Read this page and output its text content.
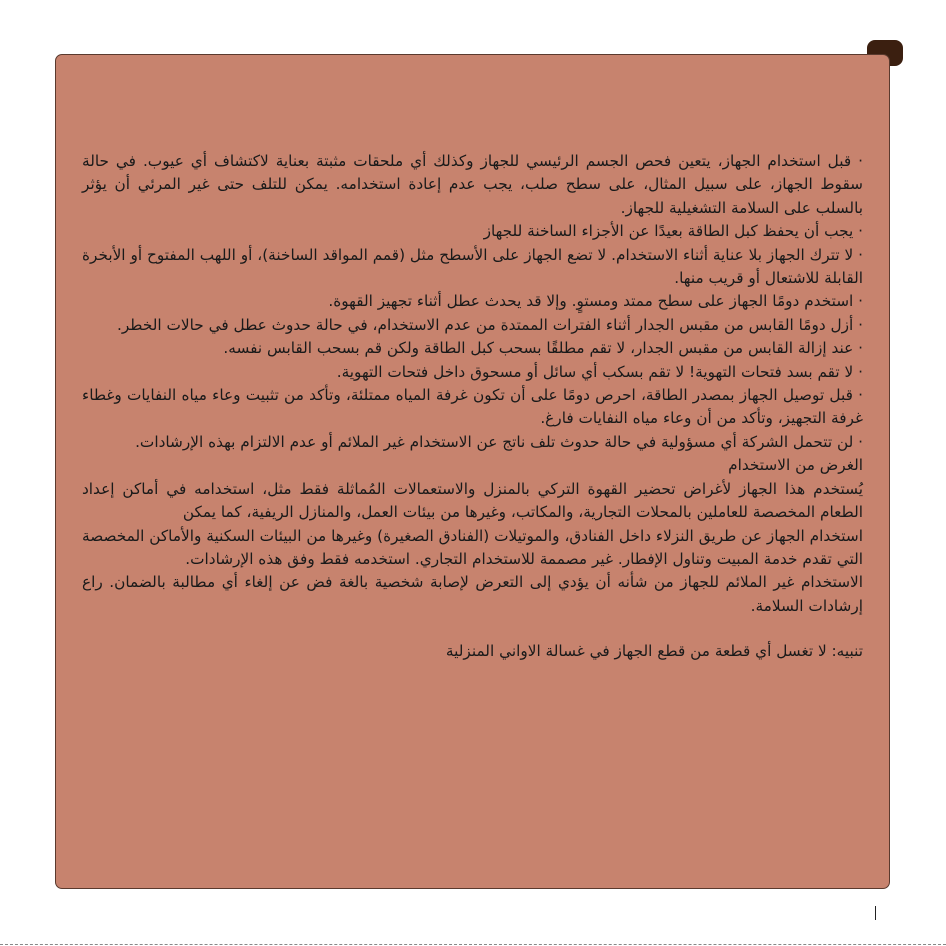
· قبل استخدام الجهاز، يتعين فحص الجسم الرئيسي للجهاز وكذلك أي ملحقات مثبتة بعناية لاكتشاف أي عيوب. في حالة سقوط الجهاز، على سبيل المثال، على سطح صلب، يجب عدم إعادة استخدامه. يمكن للتلف حتى غير المرئي أن يؤثر بالسلب على السلامة التشغيلية للجهاز.

· يجب أن يحفظ كبل الطاقة بعيدًا عن الأجزاء الساخنة للجهاز

· لا تترك الجهاز بلا عناية أثناء الاستخدام. لا تضع الجهاز على الأسطح مثل (قمم المواقد الساخنة)، أو اللهب المفتوح أو الأبخرة القابلة للاشتعال أو قريب منها.

· استخدم دومًا الجهاز على سطح ممتد ومستوٍ. وإلا قد يحدث عطل أثناء تجهيز القهوة.

· أزل دومًا القابس من مقبس الجدار أثناء الفترات الممتدة من عدم الاستخدام، في حالة حدوث عطل في حالات الخطر.

· عند إزالة القابس من مقبس الجدار، لا تقم مطلقًا بسحب كبل الطاقة ولكن قم بسحب القابس نفسه.

· لا تقم بسد فتحات التهوية! لا تقم بسكب أي سائل أو مسحوق داخل فتحات التهوية.

· قبل توصيل الجهاز بمصدر الطاقة، احرص دومًا على أن تكون غرفة المياه ممتلئة، وتأكد من تثبيت وعاء مياه النفايات وغطاء غرفة التجهيز، وتأكد من أن وعاء مياه النفايات فارغ.

· لن تتحمل الشركة أي مسؤولية في حالة حدوث تلف ناتج عن الاستخدام غير الملائم أو عدم الالتزام بهذه الإرشادات.

الغرض من الاستخدام

يُستخدم هذا الجهاز لأغراض تحضير القهوة التركي بالمنزل والاستعمالات المُماثلة فقط مثل، استخدامه في أماكن إعداد الطعام المخصصة للعاملين بالمحلات التجارية، والمكاتب، وغيرها من بيئات العمل، والمنازل الريفية، كما يمكن

استخدام الجهاز عن طريق النزلاء داخل الفنادق، والموتيلات (الفنادق الصغيرة) وغيرها من البيئات السكنية والأماكن المخصصة التي تقدم خدمة المبيت وتناول الإفطار. غير مصممة للاستخدام التجاري. استخدمه فقط وفق هذه الإرشادات.

الاستخدام غير الملائم للجهاز من شأنه أن يؤدي إلى التعرض لإصابة شخصية بالغة فض عن إلغاء أي مطالبة بالضمان. راع إرشادات السلامة.

تنبيه: لا تغسل أي قطعة من قطع الجهاز في غسالة الاواني المنزلية
